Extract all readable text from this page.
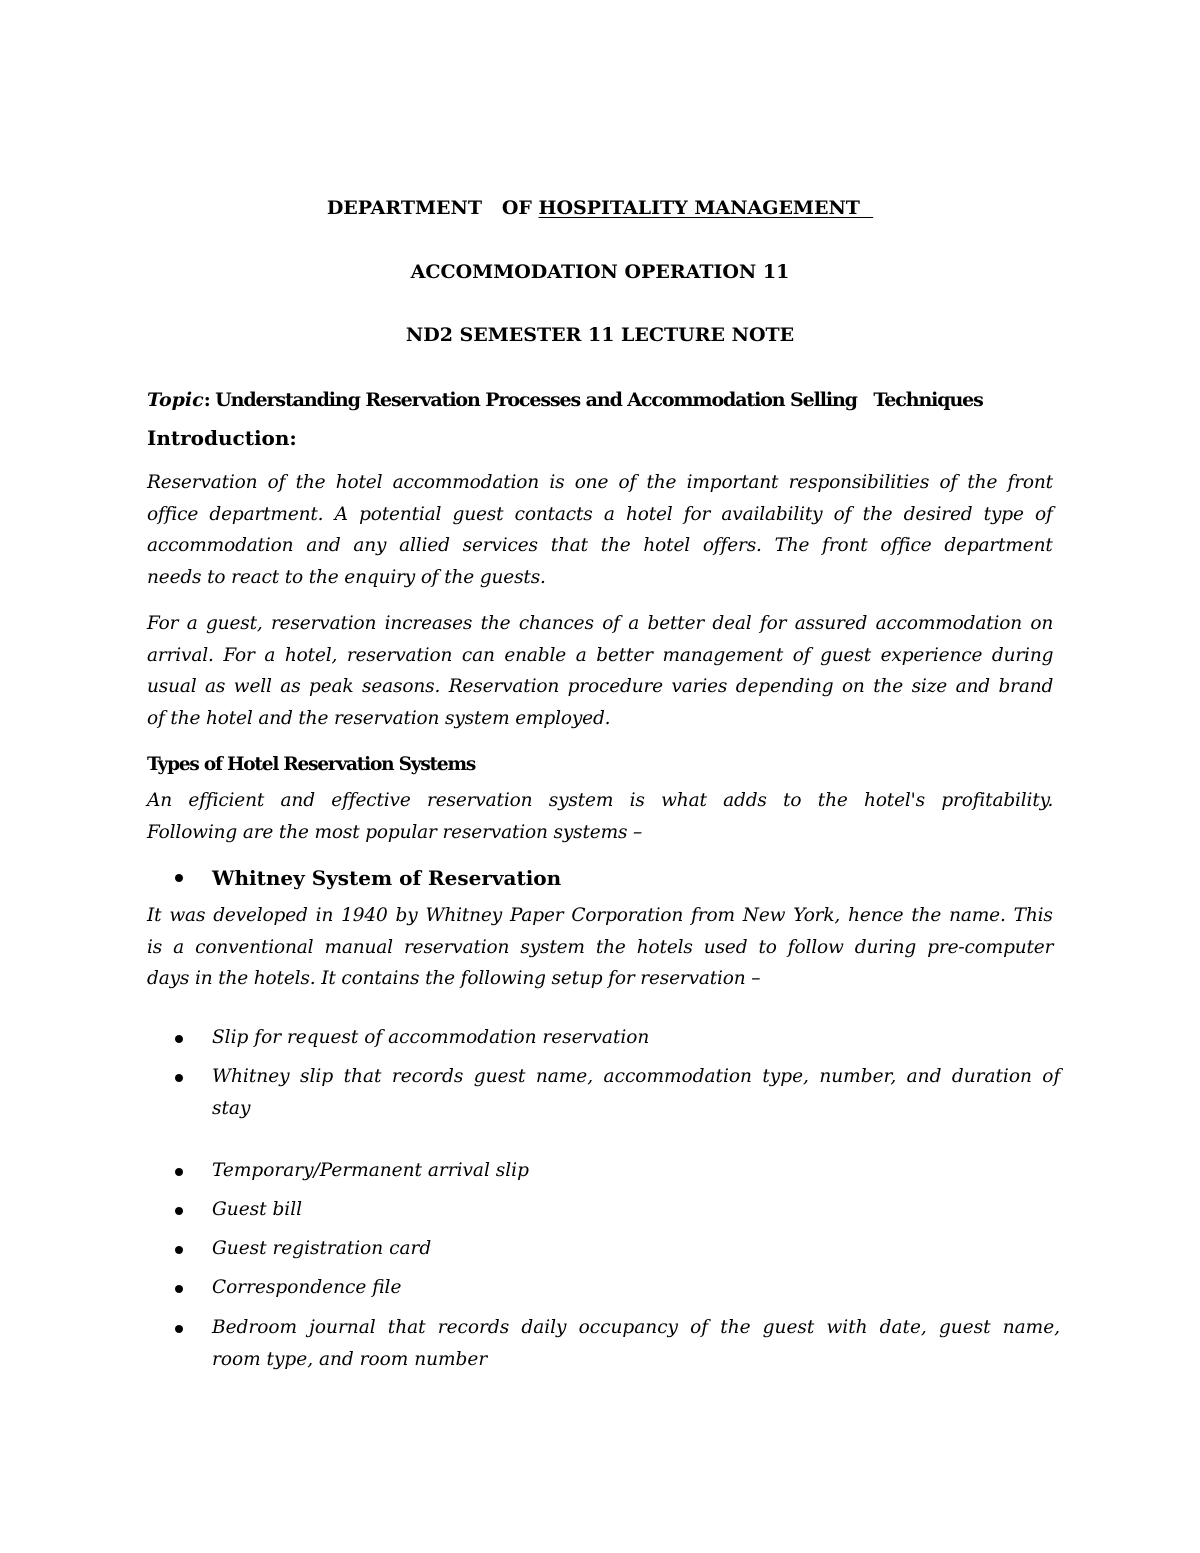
DEPARTMENT   OF HOSPITALITY MANAGEMENT
ACCOMMODATION OPERATION 11
ND2 SEMESTER 11 LECTURE NOTE
Topic: Understanding Reservation Processes and Accommodation Selling   Techniques
Introduction:
Reservation of the hotel accommodation is one of the important responsibilities of the front
office department. A potential guest contacts a hotel for availability of the desired type of
accommodation and any allied services that the hotel offers. The front office department
needs to react to the enquiry of the guests.
For a guest, reservation increases the chances of a better deal for assured accommodation on
arrival. For a hotel, reservation can enable a better management of guest experience during
usual as well as peak seasons. Reservation procedure varies depending on the size and brand
of the hotel and the reservation system employed.
Types of Hotel Reservation Systems
An efficient and effective reservation system is what adds to the hotel's profitability.
Following are the most popular reservation systems –
Whitney System of Reservation
It was developed in 1940 by Whitney Paper Corporation from New York, hence the name. This
is a conventional manual reservation system the hotels used to follow during pre-computer
days in the hotels. It contains the following setup for reservation –
Slip for request of accommodation reservation
Whitney slip that records guest name, accommodation type, number, and duration of
stay
Temporary/Permanent arrival slip
Guest bill
Guest registration card
Correspondence file
Bedroom journal that records daily occupancy of the guest with date, guest name,
room type, and room number
